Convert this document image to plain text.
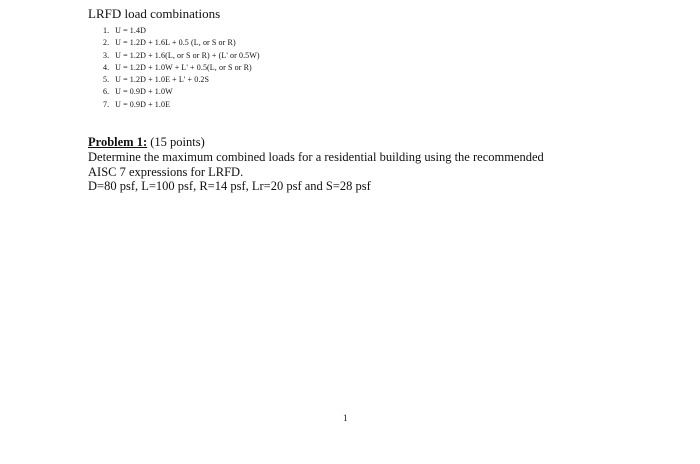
LRFD load combinations
1. U = 1.4D
2. U = 1.2D + 1.6L + 0.5 (L, or S or R)
3. U = 1.2D + 1.6(L, or S or R) + (L' or 0.5W)
4. U = 1.2D + 1.0W + L' + 0.5(L, or S or R)
5. U = 1.2D + 1.0E + L' + 0.2S
6. U = 0.9D + 1.0W
7. U = 0.9D + 1.0E
Problem 1: (15 points)

Determine the maximum combined loads for a residential building using the recommended

AISC 7 expressions for LRFD.

D=80 psf, L=100 psf, R=14 psf, Lr=20 psf and S=28 psf

1
